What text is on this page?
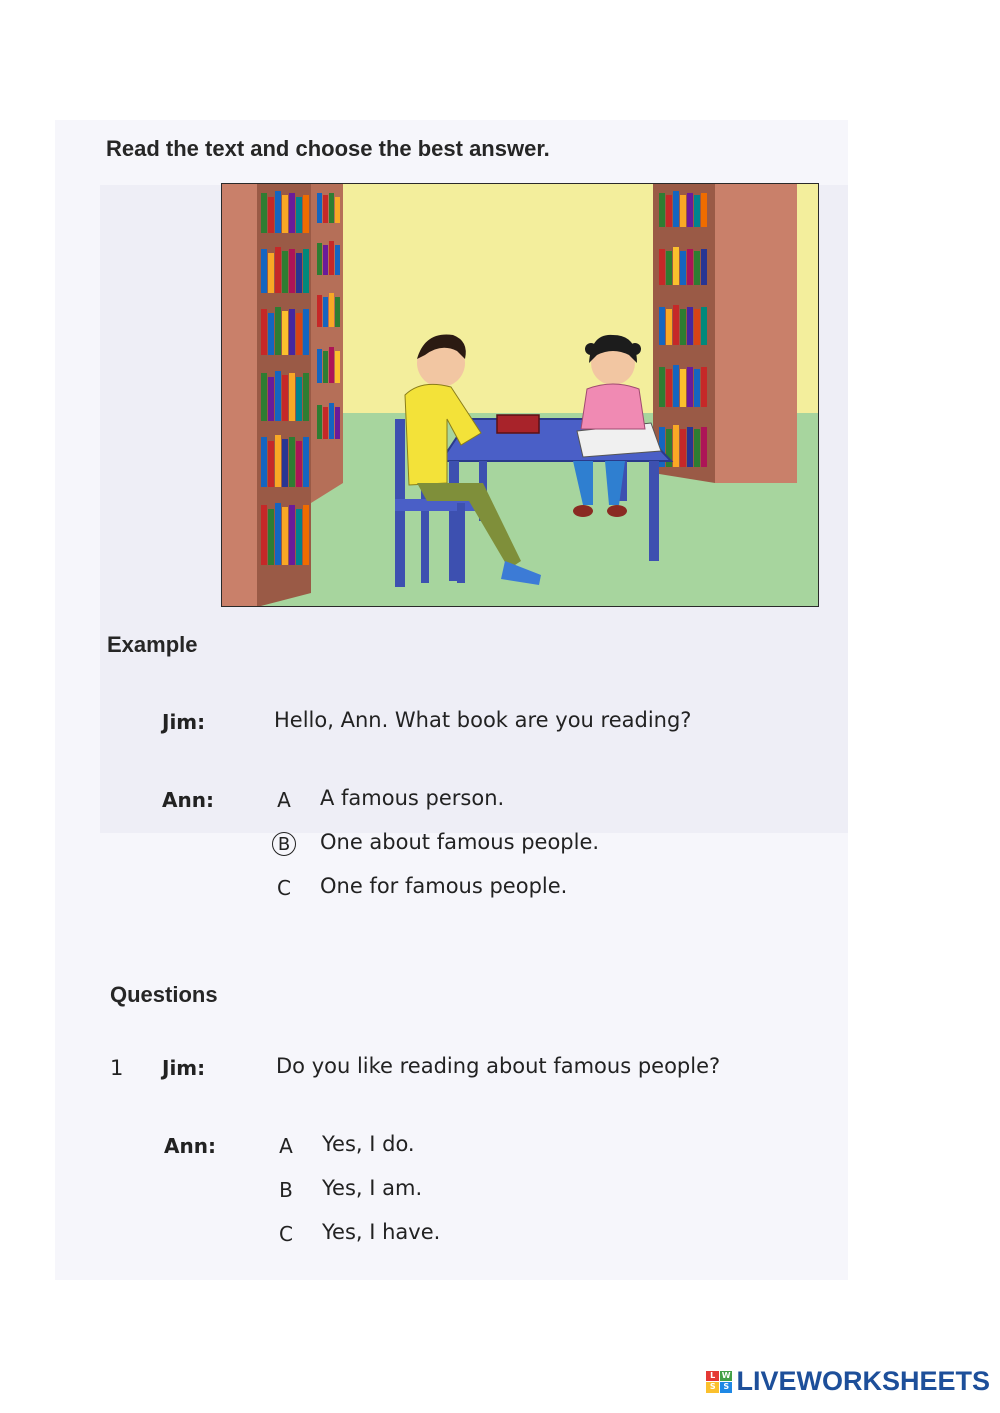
Read the text and choose the best answer.
Example
Jim:	Hello, Ann. What book are you reading?
Ann:	A A famous person.
B One about famous people.
C One for famous people.
Questions
1 Jim:	Do you like reading about famous people?
Ann:	A Yes, I do.
B Yes, I am.
C Yes, I have.
L W
S S LIVEWORKSHEETS
